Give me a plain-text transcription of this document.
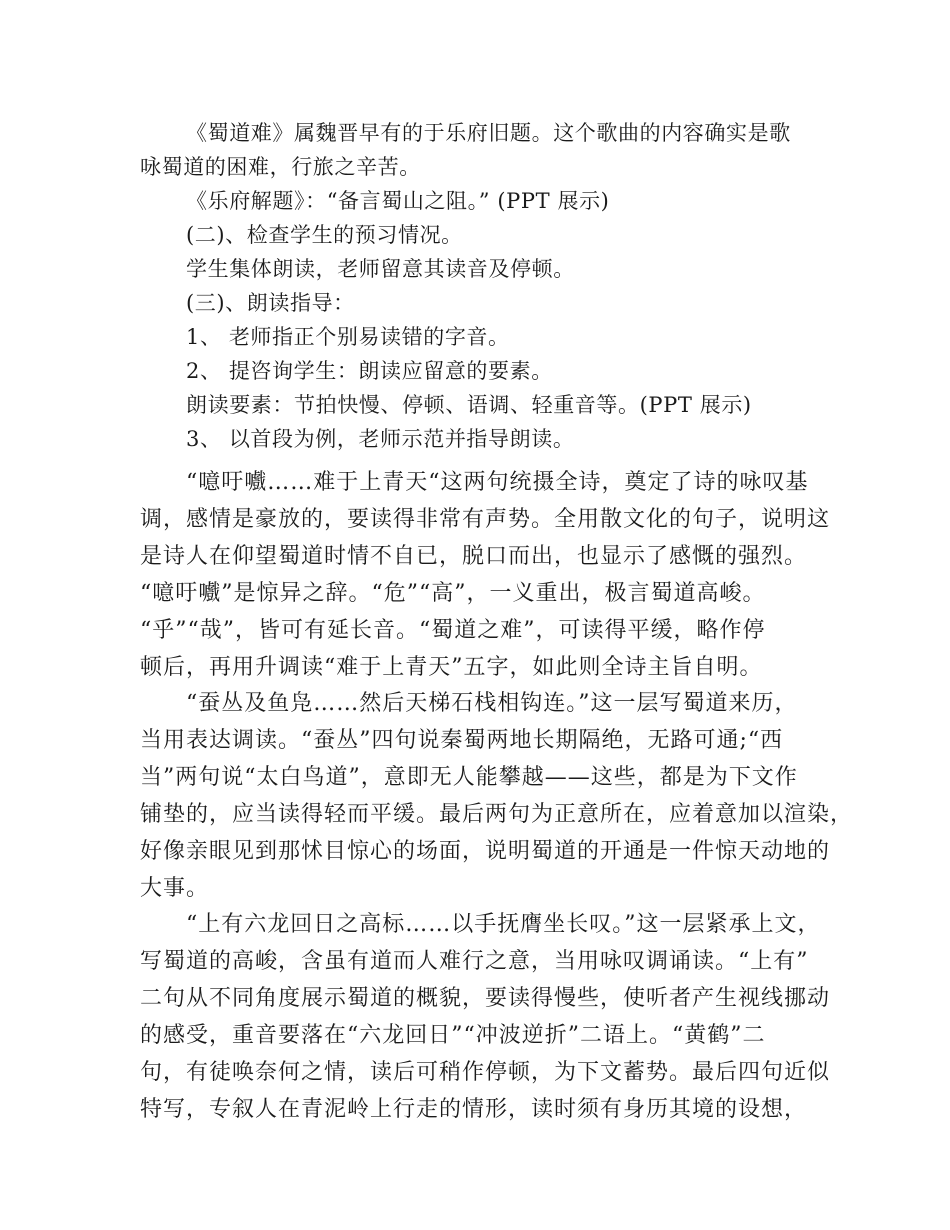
《蜀道难》属魏晋早有的于乐府旧题。这个歌曲的内容确实是歌
咏蜀道的困难，行旅之辛苦。
《乐府解题》：“备言蜀山之阻。” (PPT 展示)
(二)、检查学生的预习情况。
学生集体朗读，老师留意其读音及停顿。
(三)、朗读指导：
1、 老师指正个别易读错的字音。
2、 提咨询学生：朗读应留意的要素。
朗读要素：节拍快慢、停顿、语调、轻重音等。(PPT 展示)
3、 以首段为例，老师示范并指导朗读。
“噫吁嚱……难于上青天“这两句统摄全诗，奠定了诗的咏叹基
调，感情是豪放的，要读得非常有声势。全用散文化的句子，说明这
是诗人在仰望蜀道时情不自已，脱口而出，也显示了感慨的强烈。
“噫吁嚱”是惊异之辞。“危”“高”，一义重出，极言蜀道高峻。
“乎”“哉”，皆可有延长音。“蜀道之难”，可读得平缓，略作停
顿后，再用升调读“难于上青天”五字，如此则全诗主旨自明。
“蚕丛及鱼凫……然后天梯石栈相钩连。”这一层写蜀道来历，
当用表达调读。“蚕丛”四句说秦蜀两地长期隔绝，无路可通;“西
当”两句说“太白鸟道”，意即无人能攀越——这些，都是为下文作
铺垫的，应当读得轻而平缓。最后两句为正意所在，应着意加以渲染，
好像亲眼见到那怵目惊心的场面，说明蜀道的开通是一件惊天动地的
大事。
“上有六龙回日之高标……以手抚膺坐长叹。”这一层紧承上文，
写蜀道的高峻，含虽有道而人难行之意，当用咏叹调诵读。“上有”
二句从不同角度展示蜀道的概貌，要读得慢些，使听者产生视线挪动
的感受，重音要落在“六龙回日”“冲波逆折”二语上。“黄鹤”二
句，有徒唤奈何之情，读后可稍作停顿，为下文蓄势。最后四句近似
特写，专叙人在青泥岭上行走的情形，读时须有身历其境的设想，
